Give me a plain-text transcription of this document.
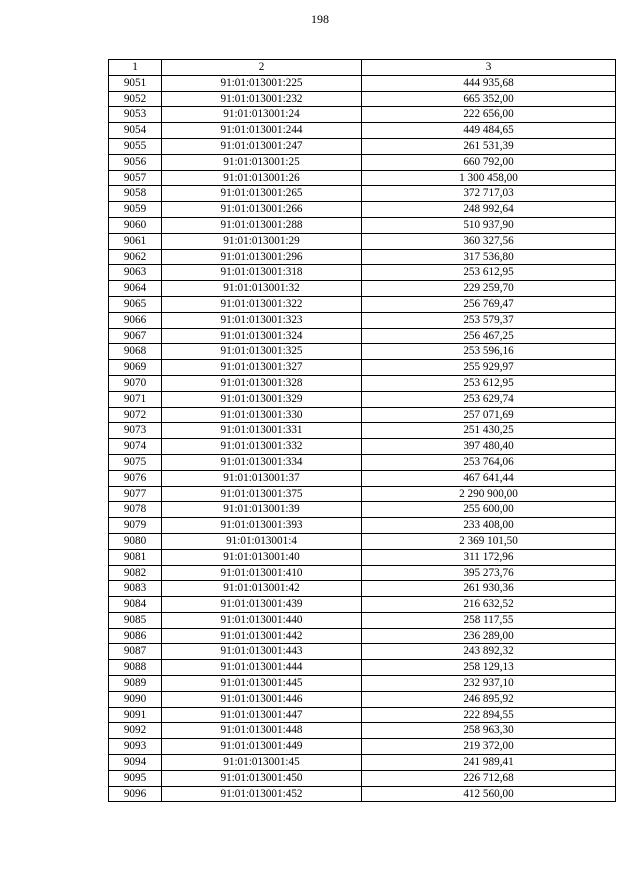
198
1	2	3
9051	91:01:013001:225	444 935,68
9052	91:01:013001:232	665 352,00
9053	91:01:013001:24	222 656,00
9054	91:01:013001:244	449 484,65
9055	91:01:013001:247	261 531,39
9056	91:01:013001:25	660 792,00
9057	91:01:013001:26	1 300 458,00
9058	91:01:013001:265	372 717,03
9059	91:01:013001:266	248 992,64
9060	91:01:013001:288	510 937,90
9061	91:01:013001:29	360 327,56
9062	91:01:013001:296	317 536,80
9063	91:01:013001:318	253 612,95
9064	91:01:013001:32	229 259,70
9065	91:01:013001:322	256 769,47
9066	91:01:013001:323	253 579,37
9067	91:01:013001:324	256 467,25
9068	91:01:013001:325	253 596,16
9069	91:01:013001:327	255 929,97
9070	91:01:013001:328	253 612,95
9071	91:01:013001:329	253 629,74
9072	91:01:013001:330	257 071,69
9073	91:01:013001:331	251 430,25
9074	91:01:013001:332	397 480,40
9075	91:01:013001:334	253 764,06
9076	91:01:013001:37	467 641,44
9077	91:01:013001:375	2 290 900,00
9078	91:01:013001:39	255 600,00
9079	91:01:013001:393	233 408,00
9080	91:01:013001:4	2 369 101,50
9081	91:01:013001:40	311 172,96
9082	91:01:013001:410	395 273,76
9083	91:01:013001:42	261 930,36
9084	91:01:013001:439	216 632,52
9085	91:01:013001:440	258 117,55
9086	91:01:013001:442	236 289,00
9087	91:01:013001:443	243 892,32
9088	91:01:013001:444	258 129,13
9089	91:01:013001:445	232 937,10
9090	91:01:013001:446	246 895,92
9091	91:01:013001:447	222 894,55
9092	91:01:013001:448	258 963,30
9093	91:01:013001:449	219 372,00
9094	91:01:013001:45	241 989,41
9095	91:01:013001:450	226 712,68
9096	91:01:013001:452	412 560,00
